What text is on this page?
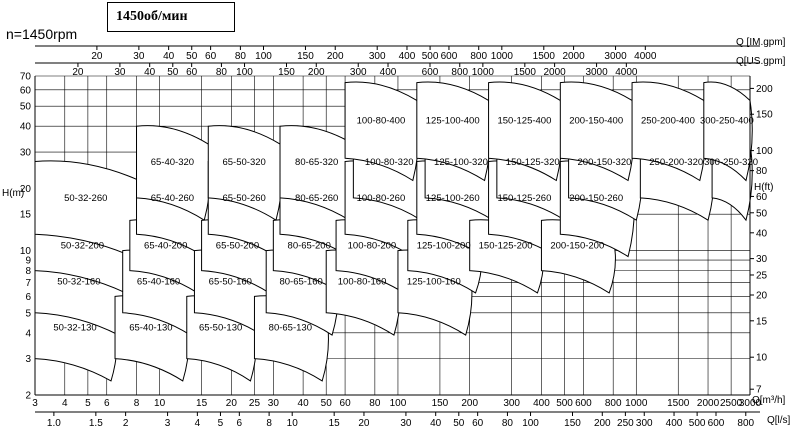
50-32-130
50-32-160
50-32-200
50-32-260
65-40-130
65-40-160
65-40-200
65-40-260
65-40-320
65-50-130
65-50-160
65-50-200
65-50-260
65-50-320
80-65-130
80-65-160
80-65-200
80-65-260
80-65-320
100-80-160
100-80-200
100-80-260
100-80-320
100-80-400
125-100-160
125-100-200
125-100-260
125-100-320
125-100-400
150-125-200
150-125-260
150-125-320
150-125-400
200-150-200
200-150-260
200-150-320
200-150-400
250-200-320
250-200-400
300-250-320
300-250-400
Q [IM.gpm]
Q[US.gpm]
H(m)
H(ft)
Q[m³/h]
Q[l/s]
3 4 5 6 8 10	15 20 25 30 40 50 60 80 100	150 200	300 400 500 600 800 1000 1500 2000 2500
3000
2
3
4
5
6
7
8
9
10
15
20
30
40
50
60
70
7
10
15
20
25
30
40
50
60
80
100
150
200
1.0	1.5 2	3 4 5 6 8 10	15 20	30 40 50 60 80 100	150 200 250 300 400 500 600 800
20	30 40 50 60 80 100	150 200	300 400 500 600 800 1000 1500 2000 3000 4000
20	30 40 50 60 80 100	150 200	300 400	600 800 1000 1500 2000 3000 4000
1450об/мин
n=1450rpm
